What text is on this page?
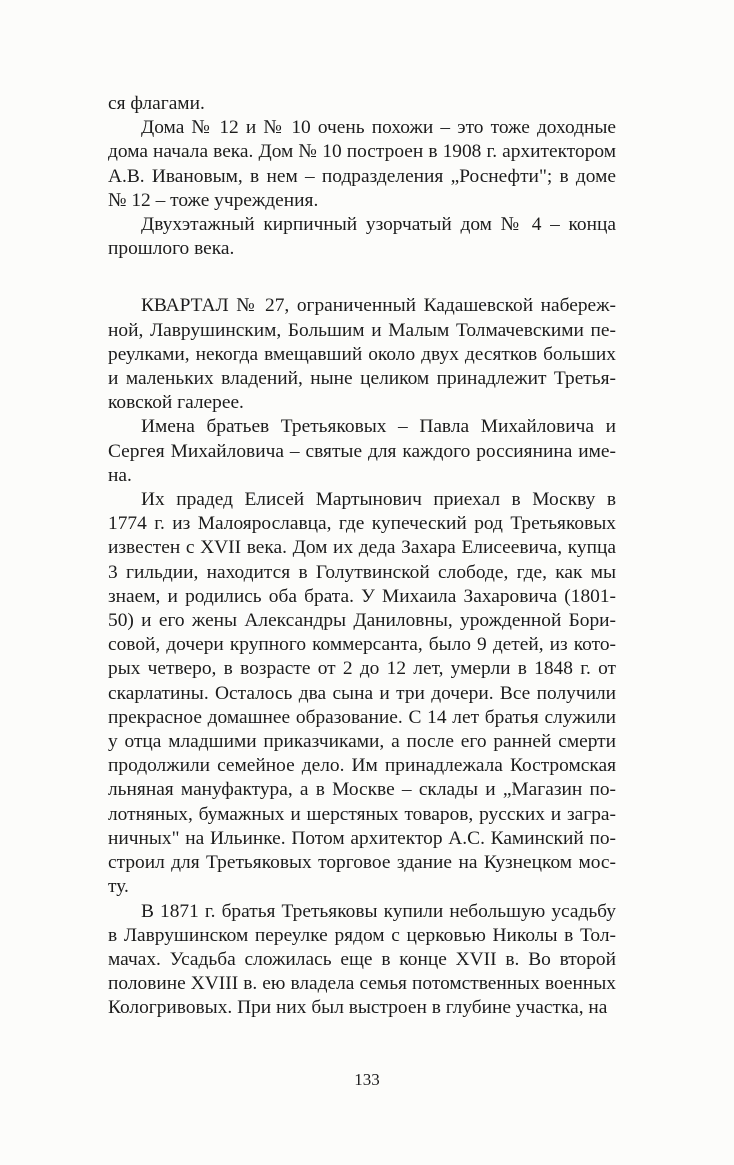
ся флагами.
Дома № 12 и № 10 очень похожи – это тоже доходные
дома начала века. Дом № 10 построен в 1908 г. архитектором
А.В. Ивановым, в нем – подразделения „Роснефти"; в доме
№ 12 – тоже учреждения.
Двухэтажный кирпичный узорчатый дом № 4 – конца
прошлого века.
КВАРТАЛ № 27, ограниченный Кадашевской набереж-
ной, Лаврушинским, Большим и Малым Толмачевскими пе-
реулками, некогда вмещавший около двух десятков больших
и маленьких владений, ныне целиком принадлежит Третья-
ковской галерее.
Имена братьев Третьяковых – Павла Михайловича и
Сергея Михайловича – святые для каждого россиянина име-
на.
Их прадед Елисей Мартынович приехал в Москву в
1774 г. из Малоярославца, где купеческий род Третьяковых
известен с XVII века. Дом их деда Захара Елисеевича, купца
3 гильдии, находится в Голутвинской слободе, где, как мы
знаем, и родились оба брата. У Михаила Захаровича (1801-
50) и его жены Александры Даниловны, урожденной Бори-
совой, дочери крупного коммерсанта, было 9 детей, из кото-
рых четверо, в возрасте от 2 до 12 лет, умерли в 1848 г. от
скарлатины. Осталось два сына и три дочери. Все получили
прекрасное домашнее образование. С 14 лет братья служили
у отца младшими приказчиками, а после его ранней смерти
продолжили семейное дело. Им принадлежала Костромская
льняная мануфактура, а в Москве – склады и „Магазин по-
лотняных, бумажных и шерстяных товаров, русских и загра-
ничных" на Ильинке. Потом архитектор А.С. Каминский по-
строил для Третьяковых торговое здание на Кузнецком мос-
ту.
В 1871 г. братья Третьяковы купили небольшую усадьбу
в Лаврушинском переулке рядом с церковью Николы в Тол-
мачах. Усадьба сложилась еще в конце XVII в. Во второй
половине XVIII в. ею владела семья потомственных военных
Кологривовых. При них был выстроен в глубине участка, на
133
